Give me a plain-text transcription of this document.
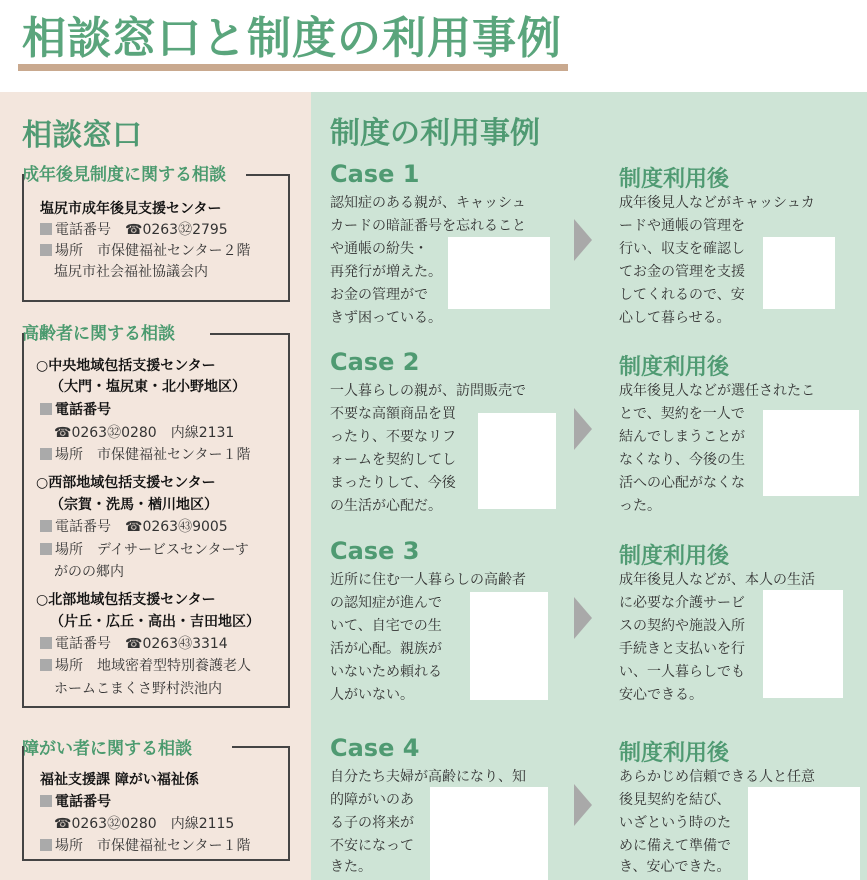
相談窓口と制度の利用事例
相談窓口
成年後見制度に関する相談
塩尻市成年後見支援センター
電話番号　☎0263㉜2795
場所　市保健福祉センター２階
塩尻市社会福祉協議会内
高齢者に関する相談
○中央地域包括支援センター
（大門・塩尻東・北小野地区）
電話番号
☎0263㉜0280　内線2131
場所　市保健福祉センター１階
○西部地域包括支援センター
（宗賀・洗馬・楢川地区）
電話番号　☎0263㊸9005
場所　デイサービスセンターす
がのの郷内
○北部地域包括支援センター
（片丘・広丘・高出・吉田地区）
電話番号　☎0263㊸3314
場所　地域密着型特別養護老人
ホームこまくさ野村渋池内
障がい者に関する相談
福祉支援課 障がい福祉係
電話番号
☎0263㉜0280　内線2115
場所　市保健福祉センター１階
制度の利用事例
Case 1	制度利用後
認知症のある親が、キャッシュ
カードの暗証番号を忘れること
や通帳の紛失・
再発行が増えた。
お金の管理がで
きず困っている。
成年後見人などがキャッシュカ
ードや通帳の管理を
行い、収支を確認し
てお金の管理を支援
してくれるので、安
心して暮らせる。
Case 2	制度利用後
一人暮らしの親が、訪問販売で
不要な高額商品を買
ったり、不要なリフ
ォームを契約してし
まったりして、今後
の生活が心配だ。
成年後見人などが選任されたこ
とで、契約を一人で
結んでしまうことが
なくなり、今後の生
活への心配がなくな
った。
Case 3	制度利用後
近所に住む一人暮らしの高齢者
の認知症が進んで
いて、自宅での生
活が心配。親族が
いないため頼れる
人がいない。
成年後見人などが、本人の生活
に必要な介護サービ
スの契約や施設入所
手続きと支払いを行
い、一人暮らしでも
安心できる。
Case 4	制度利用後
自分たち夫婦が高齢になり、知
的障がいのあ
る子の将来が
不安になって
きた。
あらかじめ信頼できる人と任意
後見契約を結び、
いざという時のた
めに備えて準備で
き、安心できた。
